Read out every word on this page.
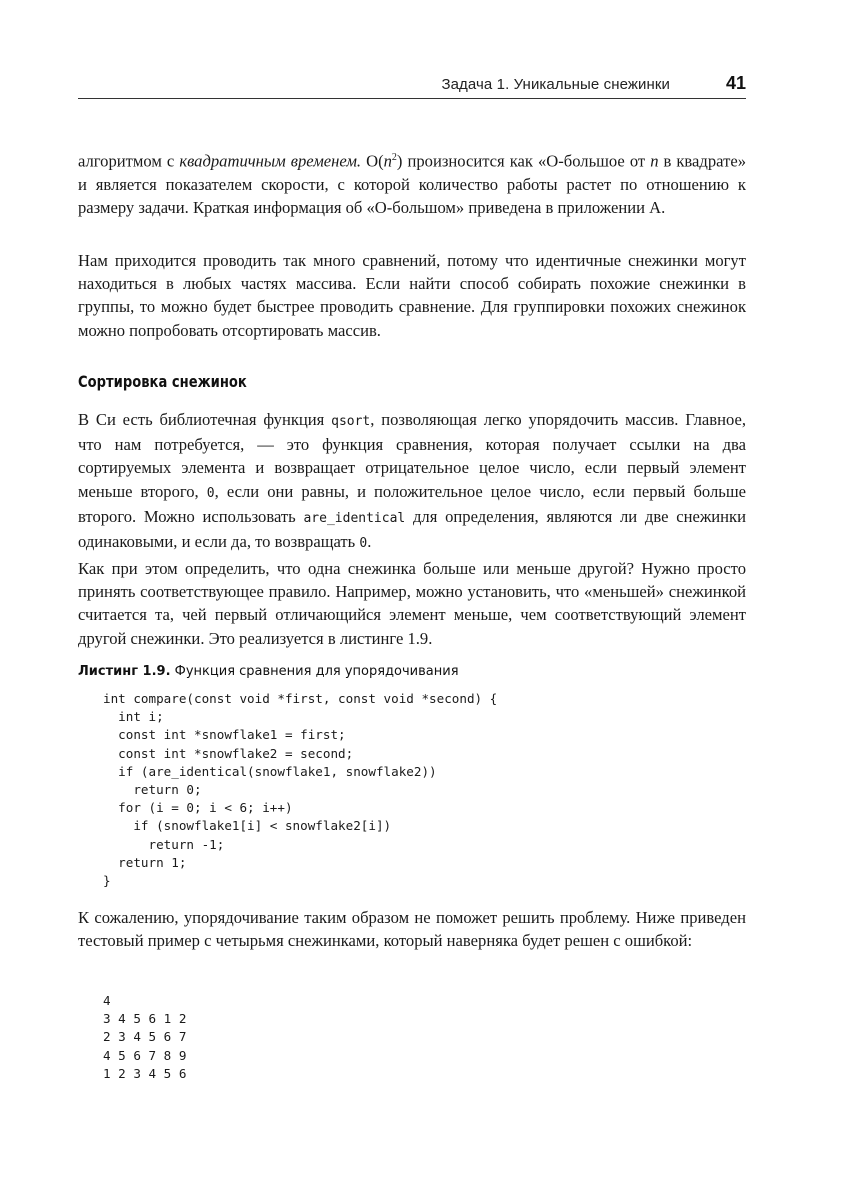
Задача 1. Уникальные снежинки	41

алгоритмом с квадратичным временем. $O(n^2)$ произносится как «O-большое от n в квадрате» и является показателем скорости, с которой количество работы растет по отношению к размеру задачи. Краткая информация об «O-большом» приведена в приложении A.

Нам приходится проводить так много сравнений, потому что идентичные снежинки могут находиться в любых частях массива. Если найти способ собирать похожие снежинки в группы, то можно будет быстрее проводить сравнение. Для группировки похожих снежинок можно попробовать отсортировать массив.

Сортировка снежинок

В Си есть библиотечная функция qsort, позволяющая легко упорядочить массив. Главное, что нам потребуется, — это функция сравнения, которая получает ссылки на два сортируемых элемента и возвращает отрицательное целое число, если первый элемент меньше второго, 0, если они равны, и положительное целое число, если первый больше второго. Можно использовать are_identical для определения, являются ли две снежинки одинаковыми, и если да, то возвращать 0.

Как при этом определить, что одна снежинка больше или меньше другой? Нужно просто принять соответствующее правило. Например, можно установить, что «меньшей» снежинкой считается та, чей первый отличающийся элемент меньше, чем соответствующий элемент другой снежинки. Это реализуется в листинге 1.9.

Листинг 1.9. Функция сравнения для упорядочивания
int compare(const void *first, const void *second) {
int i;
const int *snowflake1 = first;
const int *snowflake2 = second;
if (are_identical(snowflake1, snowflake2))
return 0;
for (i = 0; i < 6; i++)
if (snowflake1[i] < snowflake2[i])
return -1;
return 1;
}

К сожалению, упорядочивание таким образом не поможет решить проблему. Ниже приведен тестовый пример с четырьмя снежинками, который наверняка будет решен с ошибкой:

4
3 4 5 6 1 2
2 3 4 5 6 7
4 5 6 7 8 9
1 2 3 4 5 6
